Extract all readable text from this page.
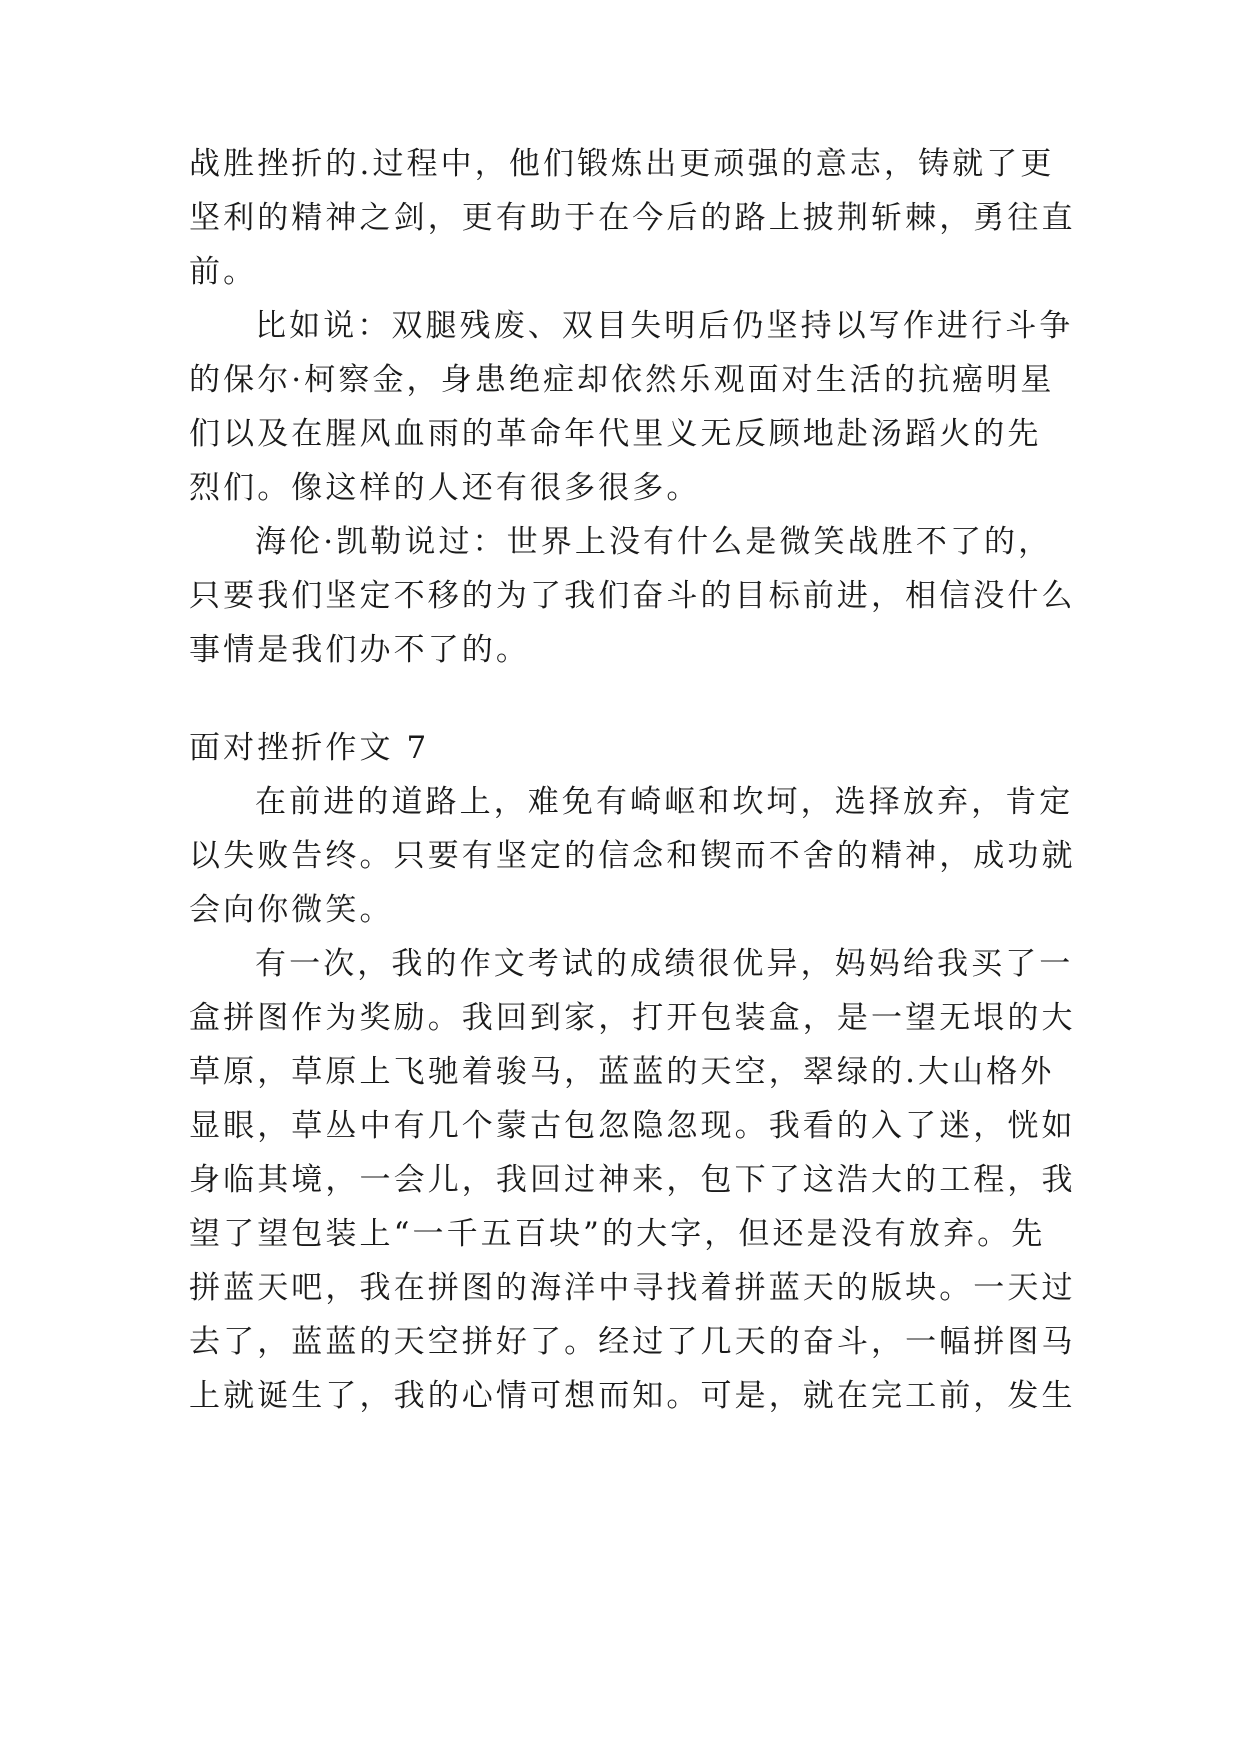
战胜挫折的.过程中，他们锻炼出更顽强的意志，铸就了更
坚利的精神之剑，更有助于在今后的路上披荆斩棘，勇往直
前。
比如说：双腿残废、双目失明后仍坚持以写作进行斗争
的保尔·柯察金，身患绝症却依然乐观面对生活的抗癌明星
们以及在腥风血雨的革命年代里义无反顾地赴汤蹈火的先
烈们。像这样的人还有很多很多。
海伦·凯勒说过：世界上没有什么是微笑战胜不了的，
只要我们坚定不移的为了我们奋斗的目标前进，相信没什么
事情是我们办不了的。
面对挫折作文 7
在前进的道路上，难免有崎岖和坎坷，选择放弃，肯定
以失败告终。只要有坚定的信念和锲而不舍的精神，成功就
会向你微笑。
有一次，我的作文考试的成绩很优异，妈妈给我买了一
盒拼图作为奖励。我回到家，打开包装盒，是一望无垠的大
草原，草原上飞驰着骏马，蓝蓝的天空，翠绿的.大山格外
显眼，草丛中有几个蒙古包忽隐忽现。我看的入了迷，恍如
身临其境，一会儿，我回过神来，包下了这浩大的工程，我
望了望包装上“一千五百块”的大字，但还是没有放弃。先
拼蓝天吧，我在拼图的海洋中寻找着拼蓝天的版块。一天过
去了，蓝蓝的天空拼好了。经过了几天的奋斗，一幅拼图马
上就诞生了，我的心情可想而知。可是，就在完工前，发生
